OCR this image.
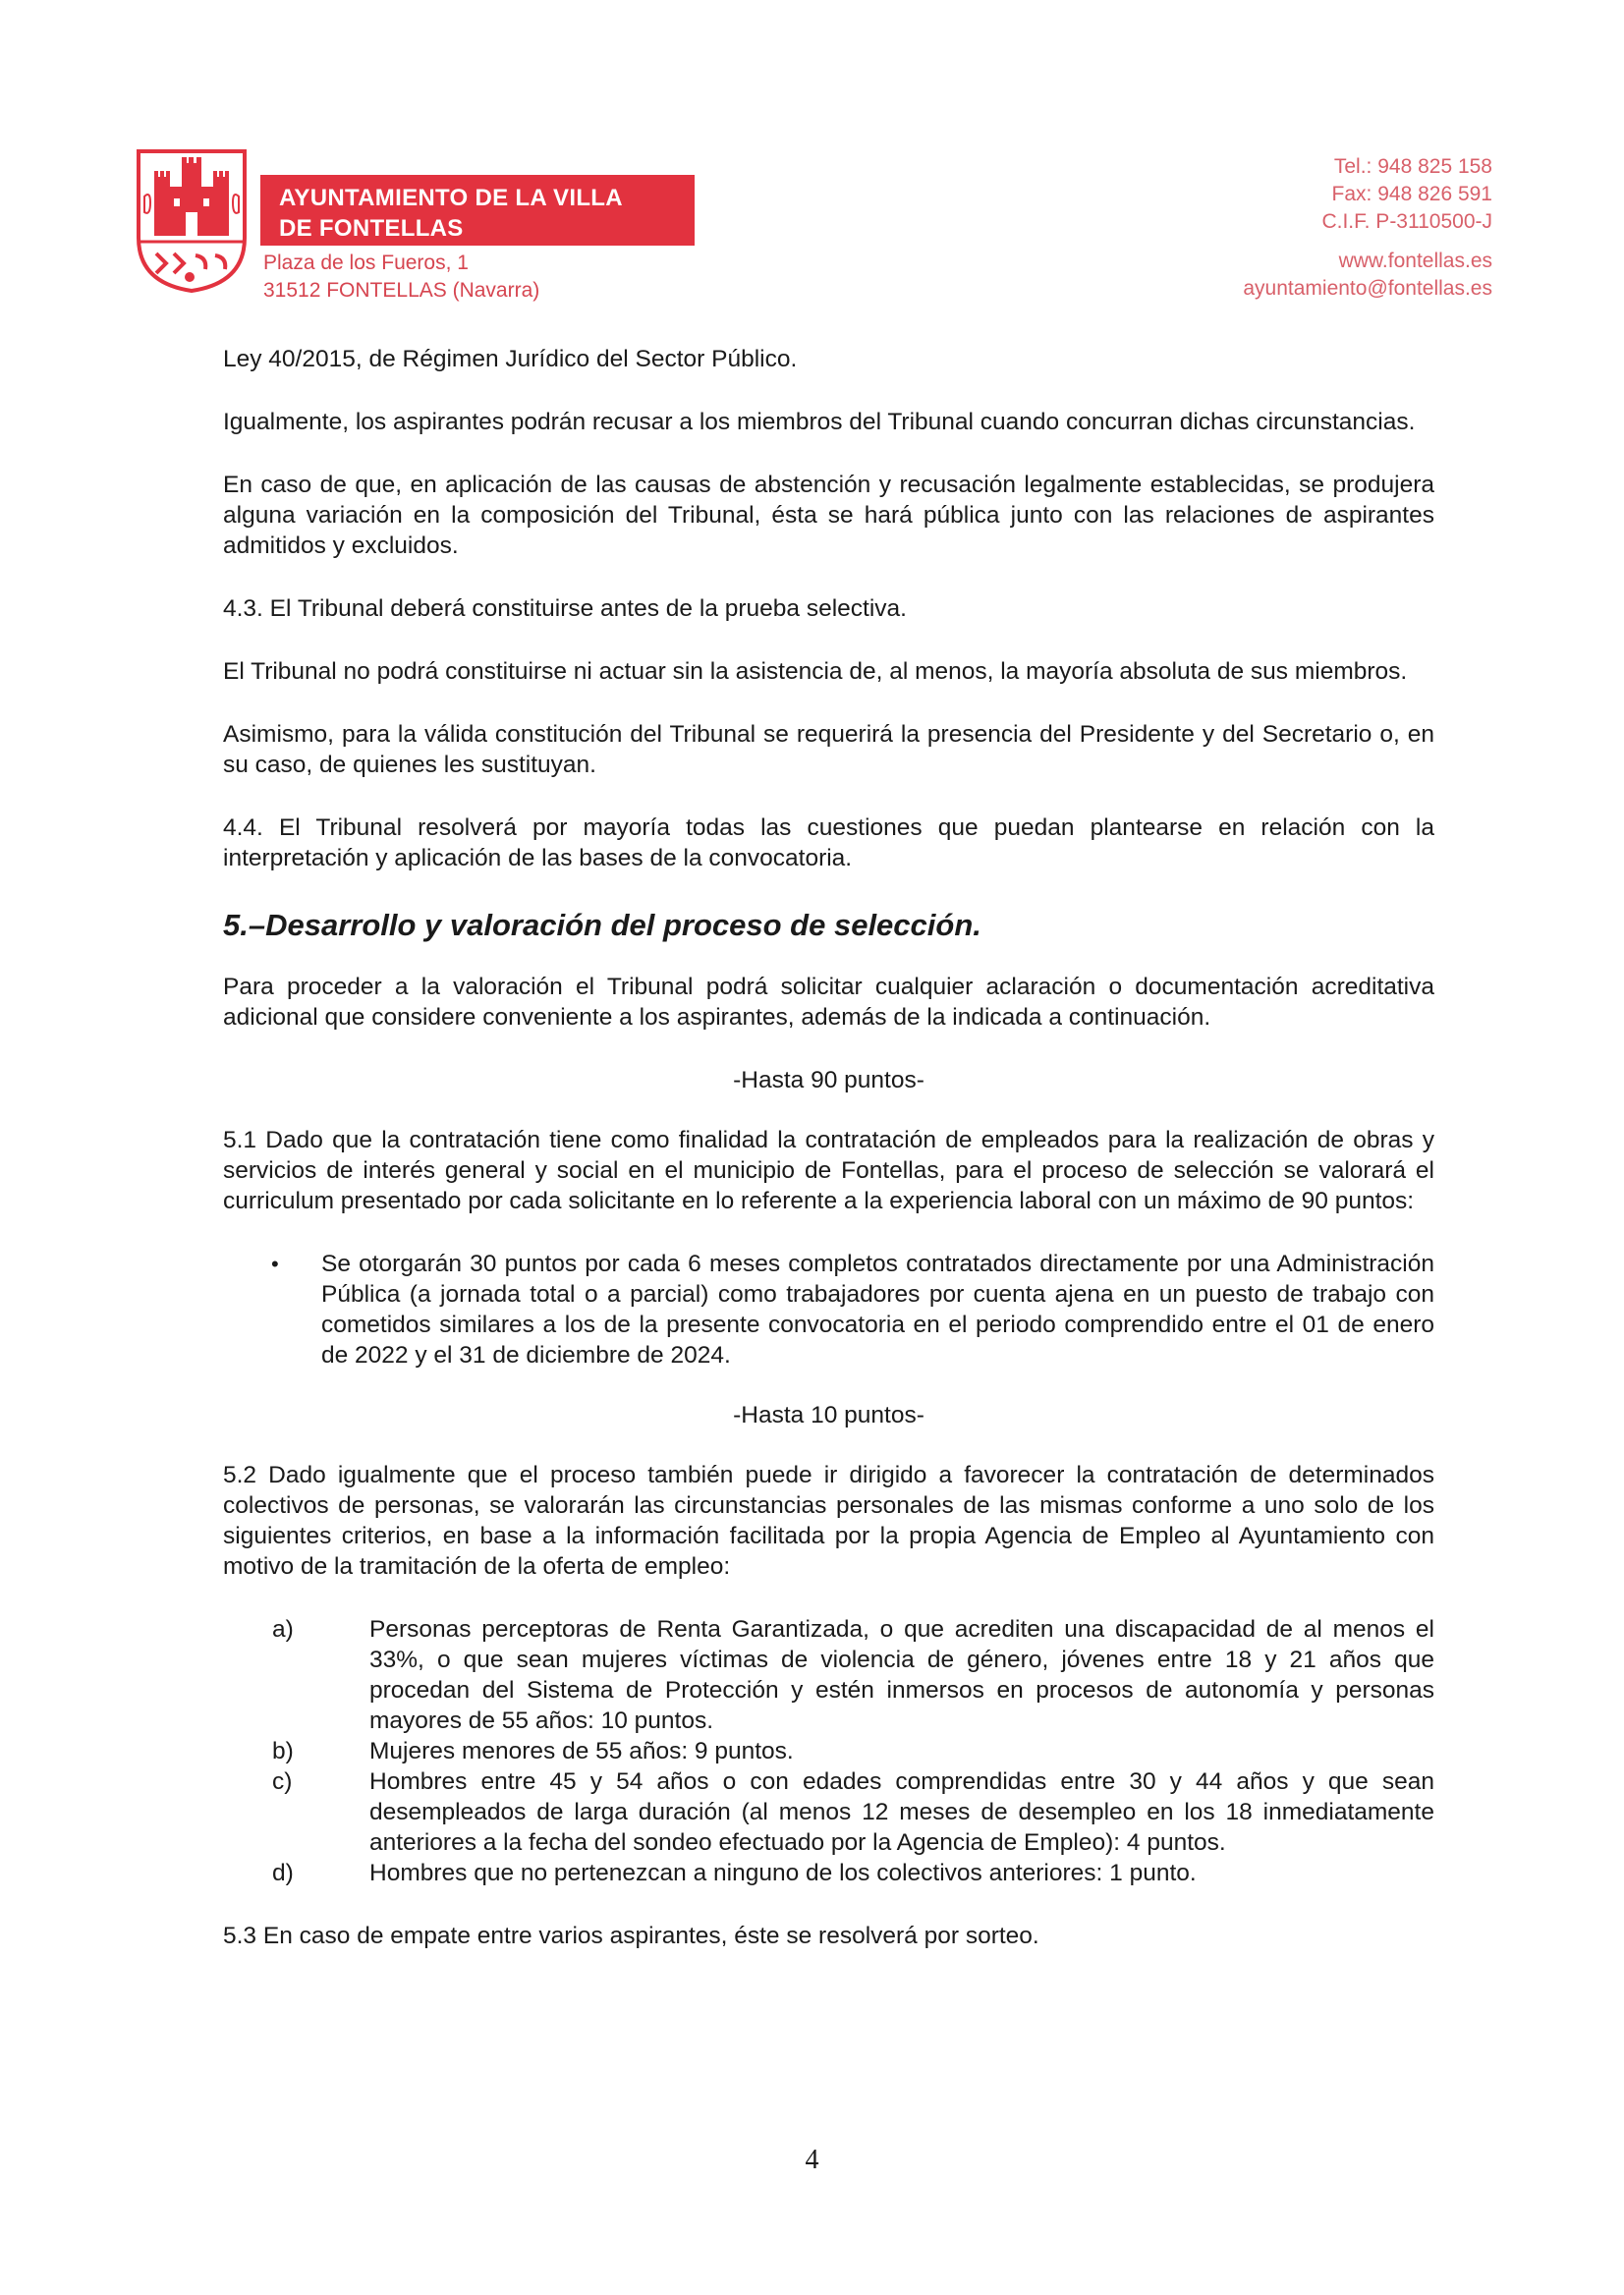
AYUNTAMIENTO DE LA VILLA
DE FONTELLAS
Plaza de los Fueros, 1
31512 FONTELLAS (Navarra)
Tel.: 948 825 158
Fax: 948 826 591
C.I.F. P-3110500-J
www.fontellas.es
ayuntamiento@fontellas.es

Ley 40/2015, de Régimen Jurídico del Sector Público.

Igualmente, los aspirantes podrán recusar a los miembros del Tribunal cuando concurran dichas circunstancias.

En caso de que, en aplicación de las causas de abstención y recusación legalmente establecidas, se produjera alguna variación en la composición del Tribunal, ésta se hará pública junto con las relaciones de aspirantes admitidos y excluidos.

4.3. El Tribunal deberá constituirse antes de la prueba selectiva.

El Tribunal no podrá constituirse ni actuar sin la asistencia de, al menos, la mayoría absoluta de sus miembros.

Asimismo, para la válida constitución del Tribunal se requerirá la presencia del Presidente y del Secretario o, en su caso, de quienes les sustituyan.

4.4. El Tribunal resolverá por mayoría todas las cuestiones que puedan plantearse en relación con la interpretación y aplicación de las bases de la convocatoria.

5.–Desarrollo y valoración del proceso de selección.

Para proceder a la valoración el Tribunal podrá solicitar cualquier aclaración o documentación acreditativa adicional que considere conveniente a los aspirantes, además de la indicada a continuación.

-Hasta 90 puntos-

5.1 Dado que la contratación tiene como finalidad la contratación de empleados para la realización de obras y servicios de interés general y social en el municipio de Fontellas, para el proceso de selección se valorará el curriculum presentado por cada solicitante en lo referente a la experiencia laboral con un máximo de 90 puntos:

• Se otorgarán 30 puntos por cada 6 meses completos contratados directamente por una Administración Pública (a jornada total o a parcial) como trabajadores por cuenta ajena en un puesto de trabajo con cometidos similares a los de la presente convocatoria en el periodo comprendido entre el 01 de enero de 2022 y el 31 de diciembre de 2024.

-Hasta 10 puntos-

5.2 Dado igualmente que el proceso también puede ir dirigido a favorecer la contratación de determinados colectivos de personas, se valorarán las circunstancias personales de las mismas conforme a uno solo de los siguientes criterios, en base a la información facilitada por la propia Agencia de Empleo al Ayuntamiento con motivo de la tramitación de la oferta de empleo:

a)	Personas perceptoras de Renta Garantizada, o que acrediten una discapacidad de al menos el 33%, o que sean mujeres víctimas de violencia de género, jóvenes entre 18 y 21 años que procedan del Sistema de Protección y estén inmersos en procesos de autonomía y personas mayores de 55 años: 10 puntos.
b)	Mujeres menores de 55 años: 9 puntos.
c)	Hombres entre 45 y 54 años o con edades comprendidas entre 30 y 44 años y que sean desempleados de larga duración (al menos 12 meses de desempleo en los 18 inmediatamente anteriores a la fecha del sondeo efectuado por la Agencia de Empleo): 4 puntos.
d)	Hombres que no pertenezcan a ninguno de los colectivos anteriores: 1 punto.

5.3 En caso de empate entre varios aspirantes, éste se resolverá por sorteo.

4
